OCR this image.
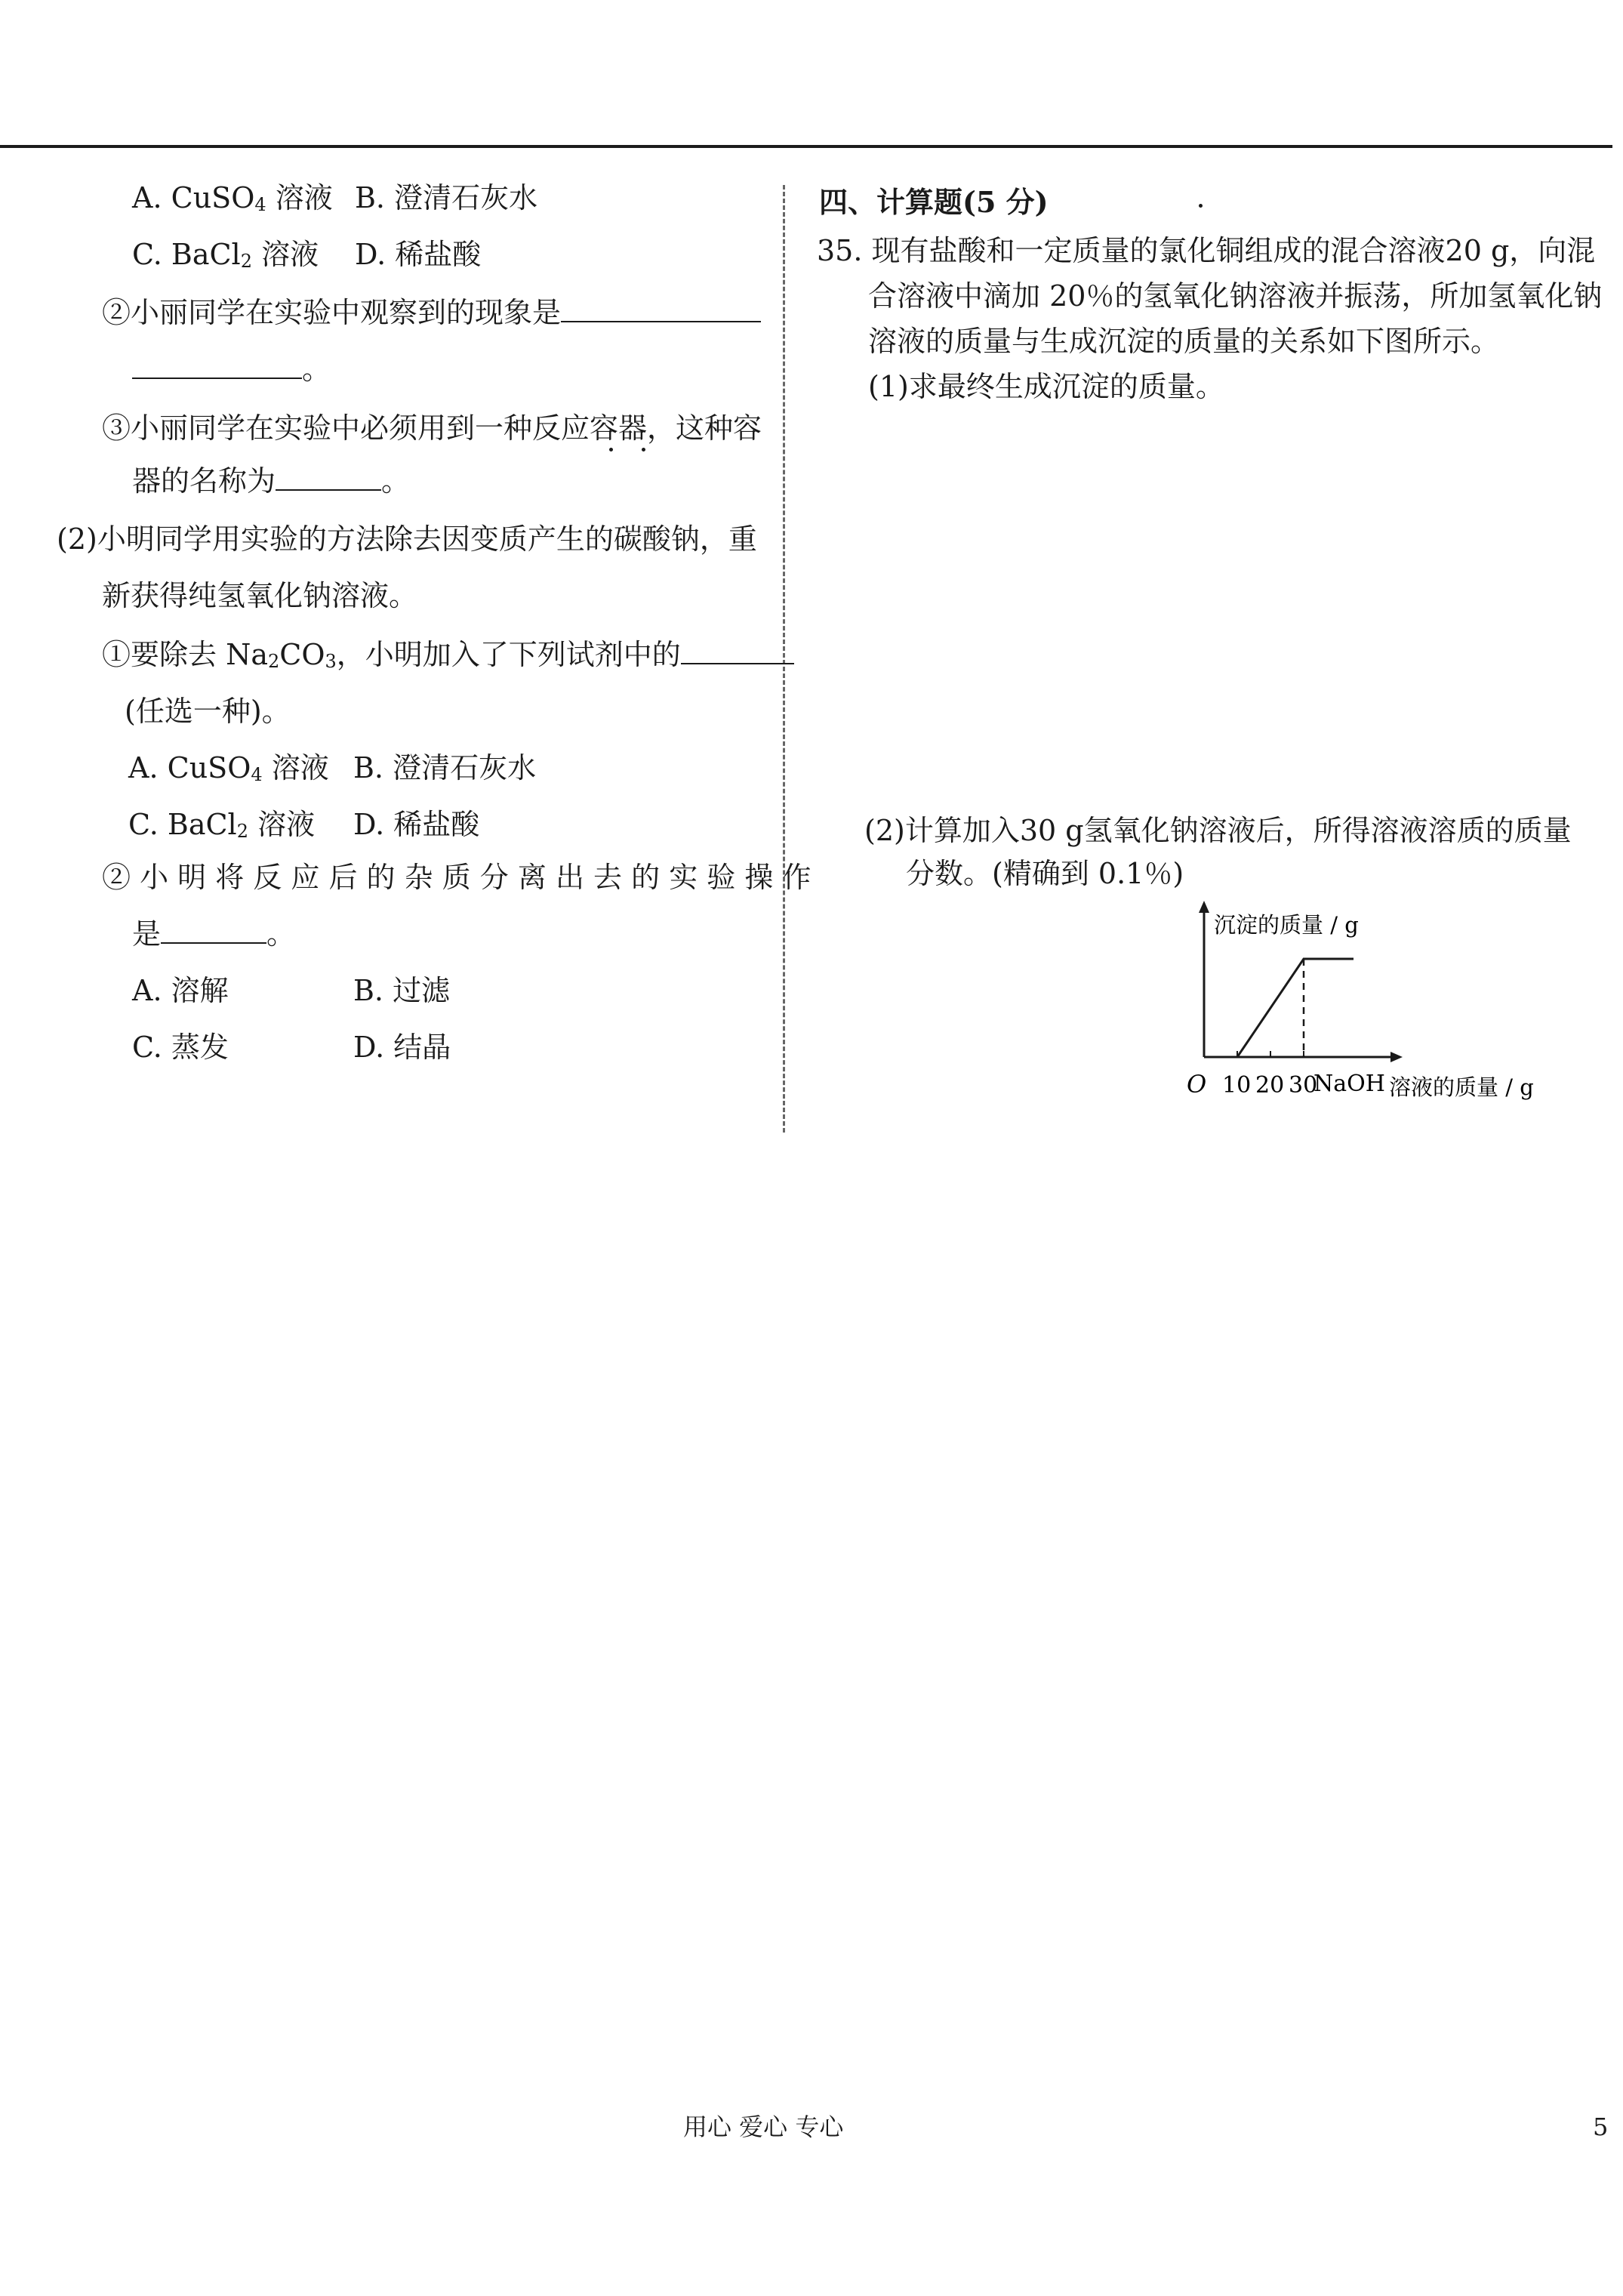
A. CuSO$_4$ 溶液 B. 澄清石灰水
C. BaCl$_2$ 溶液 D. 稀盐酸
②小丽同学在实验中观察到的现象是
。
③小丽同学在实验中必须用到一种反应容器，这种容
器的名称为	。
(2)小明同学用实验的方法除去因变质产生的碳酸钠，重
新获得纯氢氧化钠溶液。
①要除去 $Na_2CO_3$，小明加入了下列试剂中的
(任选一种)。
A. CuSO$_4$ 溶液 B. 澄清石灰水
C. BaCl$_2$ 溶液 D. 稀盐酸
② 小 明 将 反 应 后 的 杂 质 分 离 出 去 的 实 验 操 作
是	。
A. 溶解	B. 过滤
C. 蒸发	D. 结晶
四、计算题(5 分)
35. 现有盐酸和一定质量的氯化铜组成的混合溶液20 g，向混
合溶液中滴加 20％的氢氧化钠溶液并振荡，所加氢氧化钠
溶液的质量与生成沉淀的质量的关系如下图所示。
(1)求最终生成沉淀的质量。
(2)计算加入30 g氢氧化钠溶液后，所得溶液溶质的质量
分数。(精确到 0.1％)
沉淀的质量 / g
O 10 20 30
NaOH 溶液的质量 / g
用心 爱心 专心	5
